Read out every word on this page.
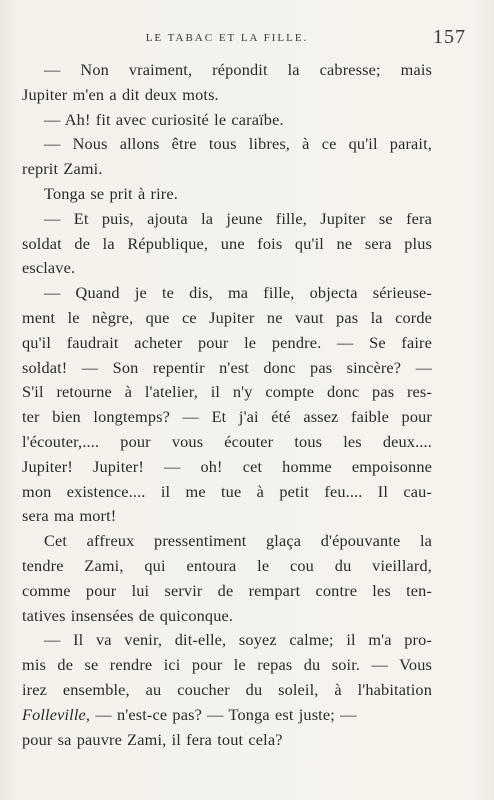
LE TABAC ET LA FILLE.	157
— Non vraiment, répondit la cabresse; mais
Jupiter m'en a dit deux mots.
— Ah! fit avec curiosité le caraïbe.
— Nous allons être tous libres, à ce qu'il parait,
reprit Zami.
Tonga se prit à rire.
— Et puis, ajouta la jeune fille, Jupiter se fera
soldat de la République, une fois qu'il ne sera plus
esclave.
— Quand je te dis, ma fille, objecta sérieuse-
ment le nègre, que ce Jupiter ne vaut pas la corde
qu'il faudrait acheter pour le pendre. — Se faire
soldat! — Son repentir n'est donc pas sincère? —
S'il retourne à l'atelier, il n'y compte donc pas res-
ter bien longtemps? — Et j'ai été assez faible pour
l'écouter,.... pour vous écouter tous les deux....
Jupiter! Jupiter! — oh! cet homme empoisonne
mon existence.... il me tue à petit feu.... Il cau-
sera ma mort!
Cet affreux pressentiment glaça d'épouvante la
tendre Zami, qui entoura le cou du vieillard,
comme pour lui servir de rempart contre les ten-
tatives insensées de quiconque.
— Il va venir, dit-elle, soyez calme; il m'a pro-
mis de se rendre ici pour le repas du soir. — Vous
irez ensemble, au coucher du soleil, à l'habitation
Folleville, — n'est-ce pas? — Tonga est juste; —
pour sa pauvre Zami, il fera tout cela?
